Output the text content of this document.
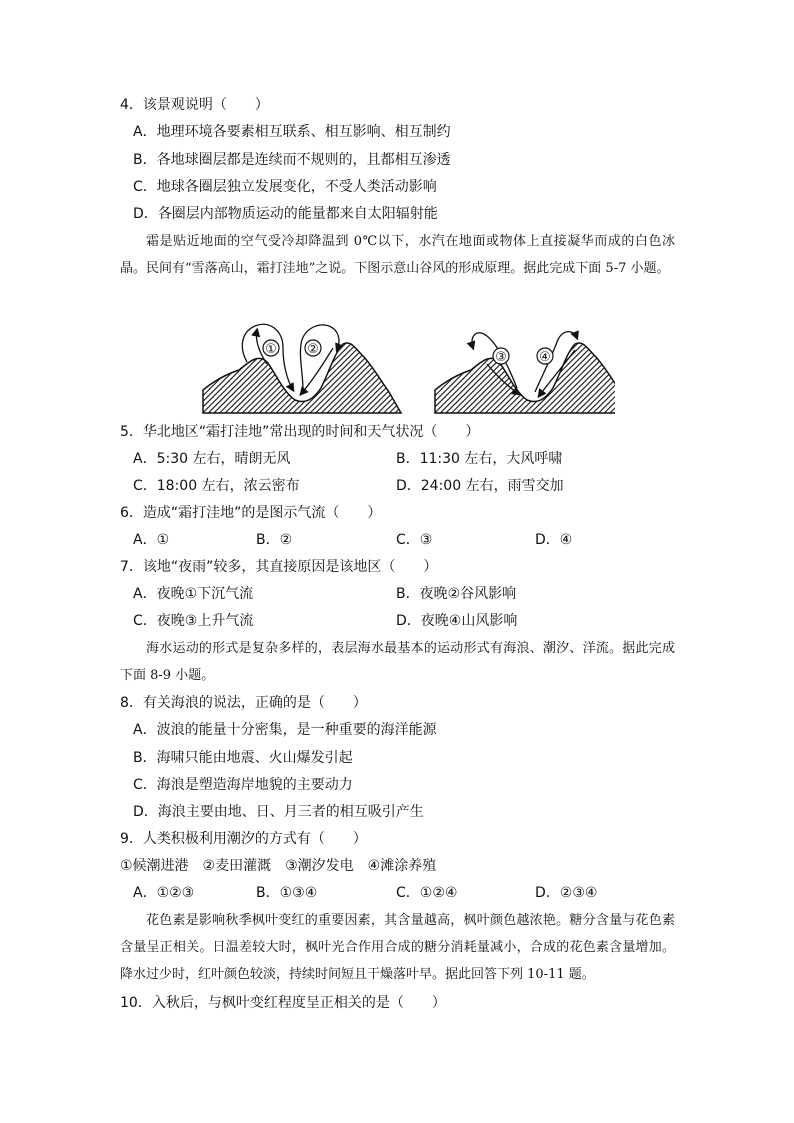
4．该景观说明（　　）
A．地理环境各要素相互联系、相互影响、相互制约
B．各地球圈层都是连续而不规则的，且都相互渗透
C．地球各圈层独立发展变化，不受人类活动影响
D．各圈层内部物质运动的能量都来自太阳辐射能
霜是贴近地面的空气受冷却降温到 0℃以下，水汽在地面或物体上直接凝华而成的白色冰晶。民间有“雪落高山，霜打洼地”之说。下图示意山谷风的形成原理。据此完成下面 5-7 小题。
① ②
③ ④
5．华北地区“霜打洼地”常出现的时间和天气状况（　　）
A．5:30 左右，晴朗无风	B．11:30 左右，大风呼啸
C．18:00 左右，浓云密布	D．24:00 左右，雨雪交加
6．造成“霜打洼地”的是图示气流（　　）
A．①	B．②	C．③	D．④
7．该地“夜雨”较多，其直接原因是该地区（　　）
A．夜晚①下沉气流	B．夜晚②谷风影响
C．夜晚③上升气流	D．夜晚④山风影响
海水运动的形式是复杂多样的，表层海水最基本的运动形式有海浪、潮汐、洋流。据此完成下面 8-9 小题。
8．有关海浪的说法，正确的是（　　）
A．波浪的能量十分密集，是一种重要的海洋能源
B．海啸只能由地震、火山爆发引起
C．海浪是塑造海岸地貌的主要动力
D．海浪主要由地、日、月三者的相互吸引产生
9．人类积极利用潮汐的方式有（　　）
①候潮进港　②麦田灌溉　③潮汐发电　④滩涂养殖
A．①②③	B．①③④	C．①②④	D．②③④
花色素是影响秋季枫叶变红的重要因素，其含量越高，枫叶颜色越浓艳。糖分含量与花色素含量呈正相关。日温差较大时，枫叶光合作用合成的糖分消耗量减小，合成的花色素含量增加。降水过少时，红叶颜色较淡，持续时间短且干燥落叶早。据此回答下列 10-11 题。
10．入秋后，与枫叶变红程度呈正相关的是（　　）
